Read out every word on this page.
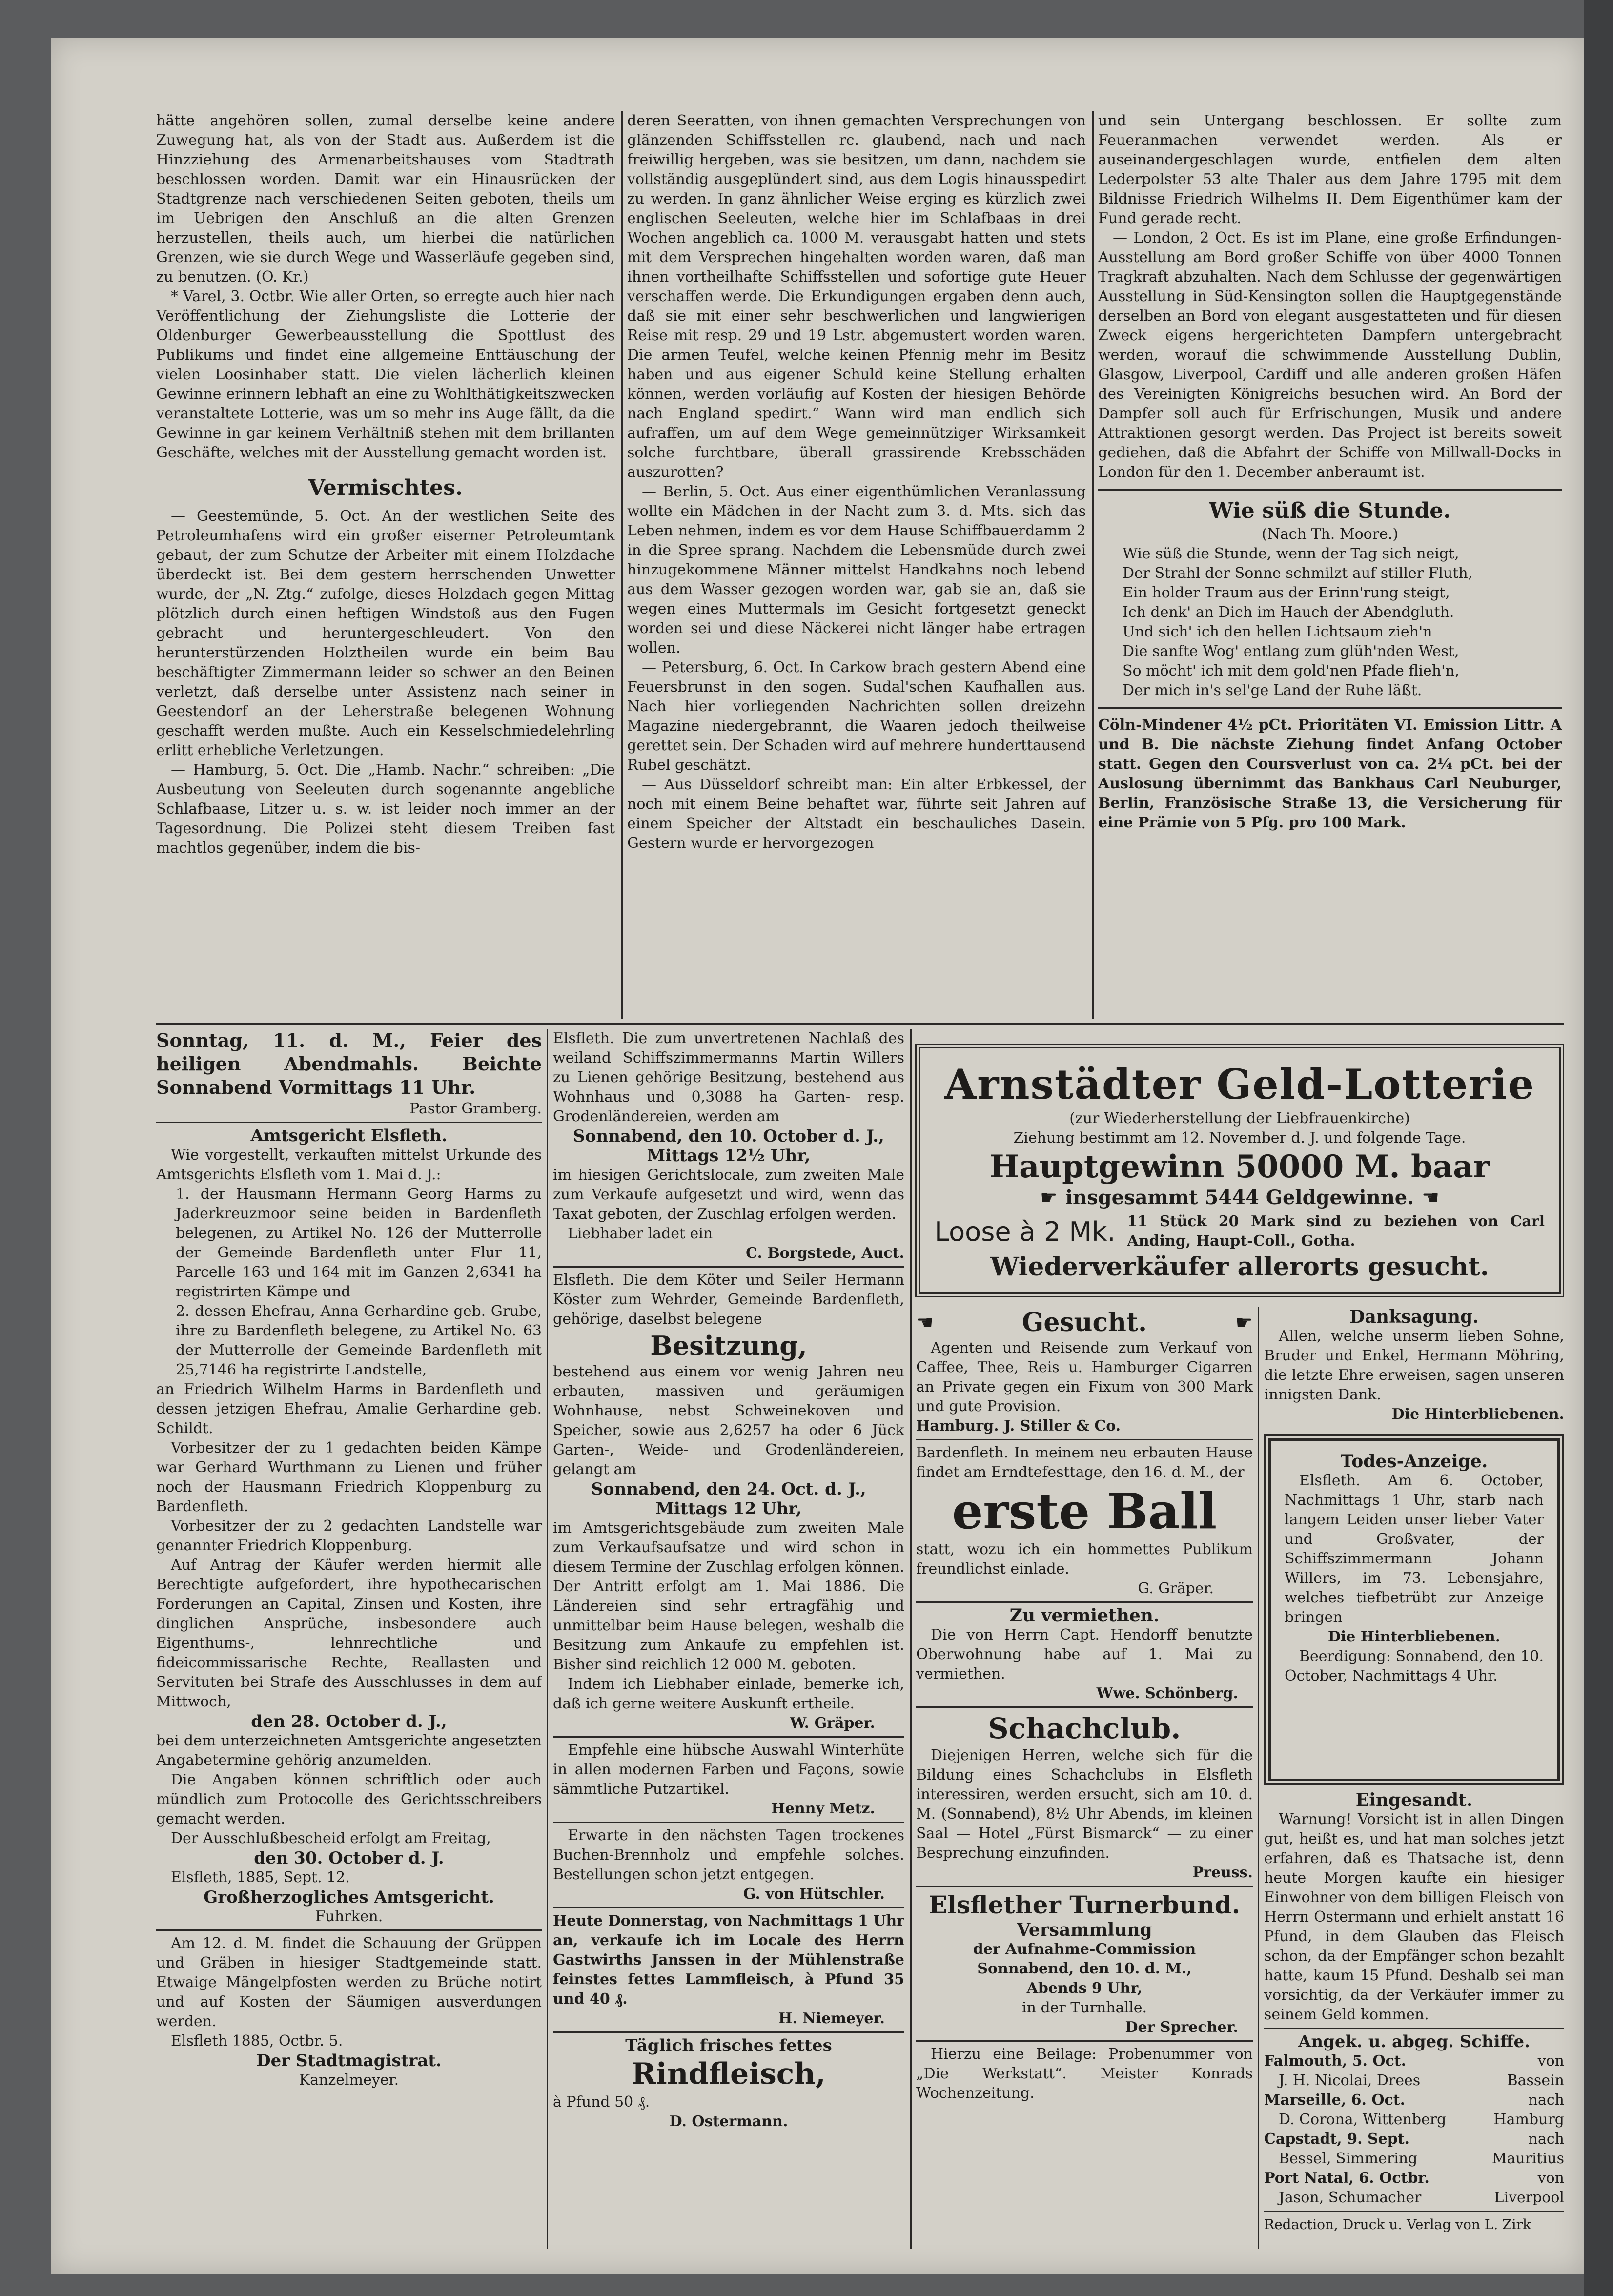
hätte angehören sollen, zumal derselbe keine andere Zuwegung hat, als von der Stadt aus. Außerdem ist die Hinzziehung des Armenarbeitshauses vom Stadtrath beschlossen worden. Damit war ein Hinausrücken der Stadtgrenze nach verschiedenen Seiten geboten, theils um im Uebrigen den Anschluß an die alten Grenzen herzustellen, theils auch, um hierbei die natürlichen Grenzen, wie sie durch Wege und Wasserläufe gegeben sind, zu benutzen. (O. Kr.)

* Varel, 3. Octbr. Wie aller Orten, so erregte auch hier nach Veröffentlichung der Ziehungsliste die Lotterie der Oldenburger Gewerbeausstellung die Spottlust des Publikums und findet eine allgemeine Enttäuschung der vielen Loosinhaber statt. Die vielen lächerlich kleinen Gewinne erinnern lebhaft an eine zu Wohlthätigkeitszwecken veranstaltete Lotterie, was um so mehr ins Auge fällt, da die Gewinne in gar keinem Verhältniß stehen mit dem brillanten Geschäfte, welches mit der Ausstellung gemacht worden ist.

Vermischtes.

— Geestemünde, 5. Oct. An der westlichen Seite des Petroleumhafens wird ein großer eiserner Petroleumtank gebaut, der zum Schutze der Arbeiter mit einem Holzdache überdeckt ist. Bei dem gestern herrschenden Unwetter wurde, der „N. Ztg.“ zufolge, dieses Holzdach gegen Mittag plötzlich durch einen heftigen Windstoß aus den Fugen gebracht und heruntergeschleudert. Von den herunterstürzenden Holztheilen wurde ein beim Bau beschäftigter Zimmermann leider so schwer an den Beinen verletzt, daß derselbe unter Assistenz nach seiner in Geestendorf an der Leherstraße belegenen Wohnung geschafft werden mußte. Auch ein Kesselschmiedelehrling erlitt erhebliche Verletzungen.

— Hamburg, 5. Oct. Die „Hamb. Nachr.“ schreiben: „Die Ausbeutung von Seeleuten durch sogenannte angebliche Schlafbaase, Litzer u. s. w. ist leider noch immer an der Tagesordnung. Die Polizei steht diesem Treiben fast machtlos gegenüber, indem die bis-

deren Seeratten, von ihnen gemachten Versprechungen von glänzenden Schiffsstellen rc. glaubend, nach und nach freiwillig hergeben, was sie besitzen, um dann, nachdem sie vollständig ausgeplündert sind, aus dem Logis hinausspedirt zu werden. In ganz ähnlicher Weise erging es kürzlich zwei englischen Seeleuten, welche hier im Schlafbaas in drei Wochen angeblich ca. 1000 M. verausgabt hatten und stets mit dem Versprechen hingehalten worden waren, daß man ihnen vortheilhafte Schiffsstellen und sofortige gute Heuer verschaffen werde. Die Erkundigungen ergaben denn auch, daß sie mit einer sehr beschwerlichen und langwierigen Reise mit resp. 29 und 19 Lstr. abgemustert worden waren. Die armen Teufel, welche keinen Pfennig mehr im Besitz haben und aus eigener Schuld keine Stellung erhalten können, werden vorläufig auf Kosten der hiesigen Behörde nach England spedirt.“ Wann wird man endlich sich aufraffen, um auf dem Wege gemeinnütziger Wirksamkeit solche furchtbare, überall grassirende Krebsschäden auszurotten?

— Berlin, 5. Oct. Aus einer eigenthümlichen Veranlassung wollte ein Mädchen in der Nacht zum 3. d. Mts. sich das Leben nehmen, indem es vor dem Hause Schiffbauerdamm 2 in die Spree sprang. Nachdem die Lebensmüde durch zwei hinzugekommene Männer mittelst Handkahns noch lebend aus dem Wasser gezogen worden war, gab sie an, daß sie wegen eines Muttermals im Gesicht fortgesetzt geneckt worden sei und diese Näckerei nicht länger habe ertragen wollen.

— Petersburg, 6. Oct. In Carkow brach gestern Abend eine Feuersbrunst in den sogen. Sudal'schen Kaufhallen aus. Nach hier vorliegenden Nachrichten sollen dreizehn Magazine niedergebrannt, die Waaren jedoch theilweise gerettet sein. Der Schaden wird auf mehrere hunderttausend Rubel geschätzt.

— Aus Düsseldorf schreibt man: Ein alter Erbkessel, der noch mit einem Beine behaftet war, führte seit Jahren auf einem Speicher der Altstadt ein beschauliches Dasein. Gestern wurde er hervorgezogen

und sein Untergang beschlossen. Er sollte zum Feueranmachen verwendet werden. Als er auseinandergeschlagen wurde, entfielen dem alten Lederpolster 53 alte Thaler aus dem Jahre 1795 mit dem Bildnisse Friedrich Wilhelms II. Dem Eigenthümer kam der Fund gerade recht.

— London, 2 Oct. Es ist im Plane, eine große Erfindungen-Ausstellung am Bord großer Schiffe von über 4000 Tonnen Tragkraft abzuhalten. Nach dem Schlusse der gegenwärtigen Ausstellung in Süd-Kensington sollen die Hauptgegenstände derselben an Bord von elegant ausgestatteten und für diesen Zweck eigens hergerichteten Dampfern untergebracht werden, worauf die schwimmende Ausstellung Dublin, Glasgow, Liverpool, Cardiff und alle anderen großen Häfen des Vereinigten Königreichs besuchen wird. An Bord der Dampfer soll auch für Erfrischungen, Musik und andere Attraktionen gesorgt werden. Das Project ist bereits soweit gediehen, daß die Abfahrt der Schiffe von Millwall-Docks in London für den 1. December anberaumt ist.

Wie süß die Stunde.

(Nach Th. Moore.)

Wie süß die Stunde, wenn der Tag sich neigt,

Der Strahl der Sonne schmilzt auf stiller Fluth,

Ein holder Traum aus der Erinn'rung steigt,

Ich denk' an Dich im Hauch der Abendgluth.

Und sich' ich den hellen Lichtsaum zieh'n

Die sanfte Wog' entlang zum glüh'nden West,

So möcht' ich mit dem gold'nen Pfade flieh'n,

Der mich in's sel'ge Land der Ruhe läßt.

Cöln-Mindener 4½ pCt. Prioritäten VI. Emission Littr. A und B. Die nächste Ziehung findet Anfang October statt. Gegen den Coursverlust von ca. 2¼ pCt. bei der Auslosung übernimmt das Bankhaus Carl Neuburger, Berlin, Französische Straße 13, die Versicherung für eine Prämie von 5 Pfg. pro 100 Mark.

Sonntag, 11. d. M., Feier des heiligen Abendmahls. Beichte Sonnabend Vormittags 11 Uhr.

Pastor Gramberg.

Amtsgericht Elsfleth.

Wie vorgestellt, verkauften mittelst Urkunde des Amtsgerichts Elsfleth vom 1. Mai d. J.:

1. der Hausmann Hermann Georg Harms zu Jaderkreuzmoor seine beiden in Bardenfleth belegenen, zu Artikel No. 126 der Mutterrolle der Gemeinde Bardenfleth unter Flur 11, Parcelle 163 und 164 mit im Ganzen 2,6341 ha registrirten Kämpe und

2. dessen Ehefrau, Anna Gerhardine geb. Grube, ihre zu Bardenfleth belegene, zu Artikel No. 63 der Mutterrolle der Gemeinde Bardenfleth mit 25,7146 ha registrirte Landstelle,

an Friedrich Wilhelm Harms in Bardenfleth und dessen jetzigen Ehefrau, Amalie Gerhardine geb. Schildt.

Vorbesitzer der zu 1 gedachten beiden Kämpe war Gerhard Wurthmann zu Lienen und früher noch der Hausmann Friedrich Kloppenburg zu Bardenfleth.

Vorbesitzer der zu 2 gedachten Landstelle war genannter Friedrich Kloppenburg.

Auf Antrag der Käufer werden hiermit alle Berechtigte aufgefordert, ihre hypothecarischen Forderungen an Capital, Zinsen und Kosten, ihre dinglichen Ansprüche, insbesondere auch Eigenthums-, lehnrechtliche und fideicommissarische Rechte, Reallasten und Servituten bei Strafe des Ausschlusses in dem auf Mittwoch,

den 28. October d. J.,

bei dem unterzeichneten Amtsgerichte angesetzten Angabetermine gehörig anzumelden.

Die Angaben können schriftlich oder auch mündlich zum Protocolle des Gerichtsschreibers gemacht werden.

Der Ausschlußbescheid erfolgt am Freitag,

den 30. October d. J.

Elsfleth, 1885, Sept. 12.

Großherzogliches Amtsgericht.

Fuhrken.

Am 12. d. M. findet die Schauung der Grüppen und Gräben in hiesiger Stadtgemeinde statt. Etwaige Mängelpfosten werden zu Brüche notirt und auf Kosten der Säumigen ausverdungen werden.

Elsfleth 1885, Octbr. 5.

Der Stadtmagistrat.

Kanzelmeyer.

Elsfleth. Die zum unvertretenen Nachlaß des weiland Schiffszimmermanns Martin Willers zu Lienen gehörige Besitzung, bestehend aus Wohnhaus und 0,3088 ha Garten- resp. Grodenländereien, werden am

Sonnabend, den 10. October d. J., Mittags 12½ Uhr,

im hiesigen Gerichtslocale, zum zweiten Male zum Verkaufe aufgesetzt und wird, wenn das Taxat geboten, der Zuschlag erfolgen werden.

Liebhaber ladet ein

C. Borgstede, Auct.

Elsfleth. Die dem Köter und Seiler Hermann Köster zum Wehrder, Gemeinde Bardenfleth, gehörige, daselbst belegene

Besitzung,

bestehend aus einem vor wenig Jahren neu erbauten, massiven und geräumigen Wohnhause, nebst Schweinekoven und Speicher, sowie aus 2,6257 ha oder 6 Jück Garten-, Weide- und Grodenländereien, gelangt am

Sonnabend, den 24. Oct. d. J., Mittags 12 Uhr,

im Amtsgerichtsgebäude zum zweiten Male zum Verkaufsaufsatze und wird schon in diesem Termine der Zuschlag erfolgen können. Der Antritt erfolgt am 1. Mai 1886. Die Ländereien sind sehr ertragfähig und unmittelbar beim Hause belegen, weshalb die Besitzung zum Ankaufe zu empfehlen ist. Bisher sind reichlich 12 000 M. geboten.

Indem ich Liebhaber einlade, bemerke ich, daß ich gerne weitere Auskunft ertheile.

W. Gräper.

Empfehle eine hübsche Auswahl Winterhüte in allen modernen Farben und Façons, sowie sämmtliche Putzartikel.

Henny Metz.

Erwarte in den nächsten Tagen trockenes Buchen-Brennholz und empfehle solches. Bestellungen schon jetzt entgegen.

G. von Hütschler.

Heute Donnerstag, von Nachmittags 1 Uhr an, verkaufe ich im Locale des Herrn Gastwirths Janssen in der Mühlenstraße feinstes fettes Lammfleisch, à Pfund 35 und 40 ₰.

H. Niemeyer.

Täglich frisches fettes

Rindfleisch,

à Pfund 50 ₰.

D. Ostermann.

Arnstädter Geld-Lotterie

(zur Wiederherstellung der Liebfrauenkirche)

Ziehung bestimmt am 12. November d. J. und folgende Tage.

Hauptgewinn 50000 M. baar

☛ insgesammt 5444 Geldgewinne. ☚
Loose à 2 Mk. 11 Stück 20 Mark sind zu beziehen von Carl Anding, Haupt-Coll., Gotha.

Wiederverkäufer allerorts gesucht.

☚	Gesucht.	☛

Agenten und Reisende zum Verkauf von Caffee, Thee, Reis u. Hamburger Cigarren an Private gegen ein Fixum von 300 Mark und gute Provision.

Hamburg. J. Stiller & Co.

Bardenfleth. In meinem neu erbauten Hause findet am Erndtefesttage, den 16. d. M., der

erste Ball

statt, wozu ich ein hommettes Publikum freundlichst einlade.

G. Gräper.

Zu vermiethen.

Die von Herrn Capt. Hendorff benutzte Oberwohnung habe auf 1. Mai zu vermiethen.

Wwe. Schönberg.

Schachclub.

Diejenigen Herren, welche sich für die Bildung eines Schachclubs in Elsfleth interessiren, werden ersucht, sich am 10. d. M. (Sonnabend), 8½ Uhr Abends, im kleinen Saal — Hotel „Fürst Bismarck“ — zu einer Besprechung einzufinden.

Preuss.

Elsflether Turnerbund.

Versammlung

der Aufnahme-Commission

Sonnabend, den 10. d. M.,

Abends 9 Uhr,

in der Turnhalle.

Der Sprecher.

Hierzu eine Beilage: Probenummer von „Die Werkstatt“. Meister Konrads Wochenzeitung.

Danksagung.

Allen, welche unserm lieben Sohne, Bruder und Enkel, Hermann Möhring, die letzte Ehre erweisen, sagen unseren innigsten Dank.

Die Hinterbliebenen.

Todes-Anzeige.

Elsfleth. Am 6. October, Nachmittags 1 Uhr, starb nach langem Leiden unser lieber Vater und Großvater, der Schiffszimmermann Johann Willers, im 73. Lebensjahre, welches tiefbetrübt zur Anzeige bringen

Die Hinterbliebenen.

Beerdigung: Sonnabend, den 10. October, Nachmittags 4 Uhr.

Eingesandt.

Warnung! Vorsicht ist in allen Dingen gut, heißt es, und hat man solches jetzt erfahren, daß es Thatsache ist, denn heute Morgen kaufte ein hiesiger Einwohner von dem billigen Fleisch von Herrn Ostermann und erhielt anstatt 16 Pfund, in dem Glauben das Fleisch schon, da der Empfänger schon bezahlt hatte, kaum 15 Pfund. Deshalb sei man vorsichtig, da der Verkäufer immer zu seinem Geld kommen.

Angek. u. abgeg. Schiffe.

Falmouth, 5. Oct.	von
J. H. Nicolai, Drees	Bassein
Marseille, 6. Oct.	nach
D. Corona, Wittenberg	Hamburg
Capstadt, 9. Sept.	nach
Bessel, Simmering	Mauritius
Port Natal, 6. Octbr.	von
Jason, Schumacher	Liverpool

Redaction, Druck u. Verlag von L. Zirk
